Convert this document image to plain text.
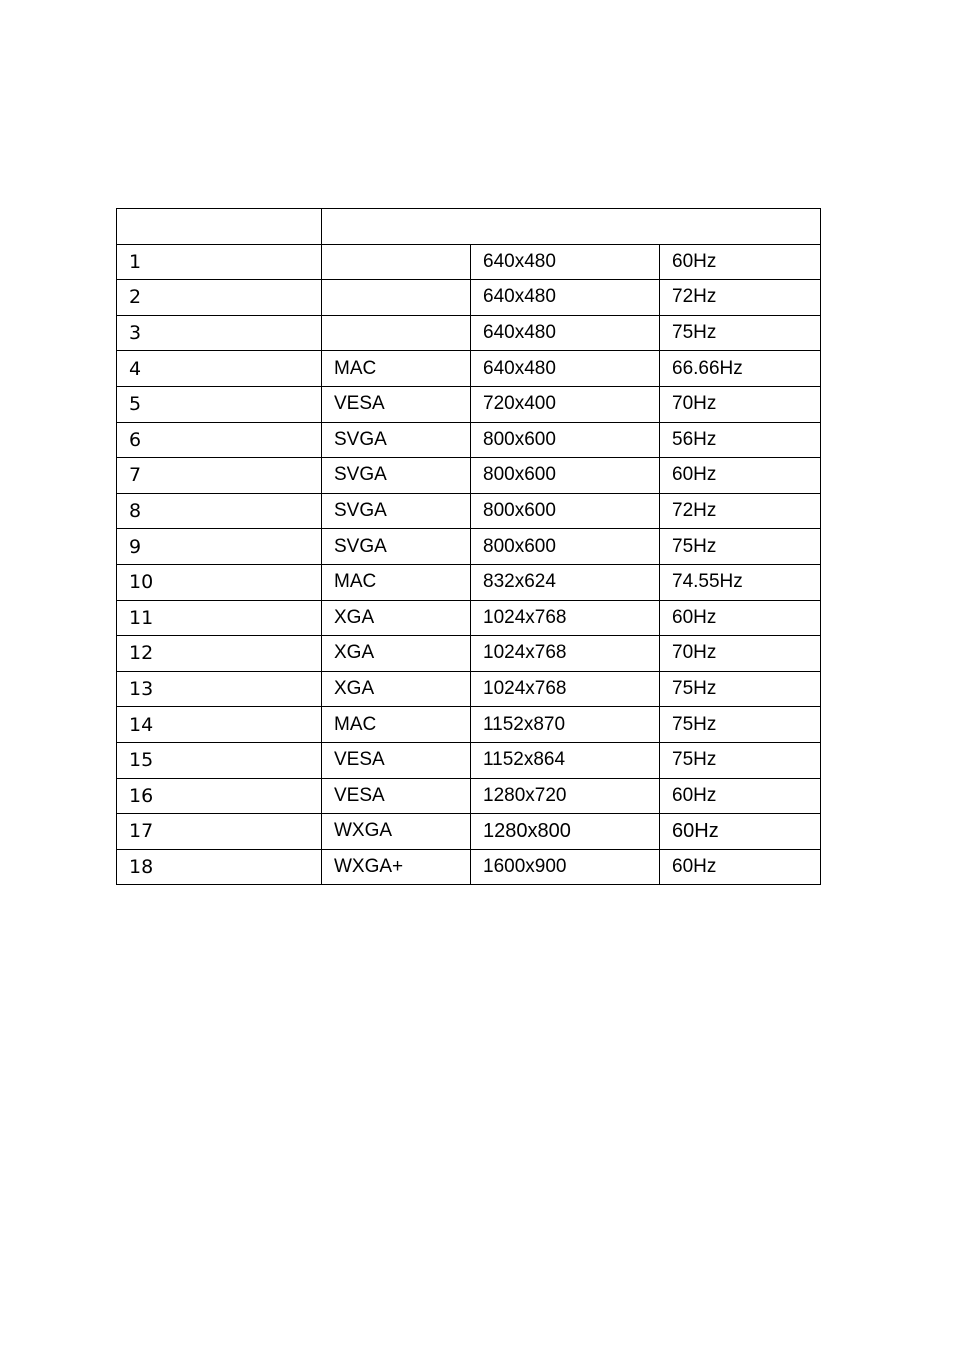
1		640x480	60Hz
2		640x480	72Hz
3		640x480	75Hz
4	MAC	640x480	66.66Hz
5	VESA	720x400	70Hz
6	SVGA	800x600	56Hz
7	SVGA	800x600	60Hz
8	SVGA	800x600	72Hz
9	SVGA	800x600	75Hz
10	MAC	832x624	74.55Hz
11	XGA	1024x768	60Hz
12	XGA	1024x768	70Hz
13	XGA	1024x768	75Hz
14	MAC	1152x870	75Hz
15	VESA	1152x864	75Hz
16	VESA	1280x720	60Hz
17	WXGA	1280x800	60Hz
18	WXGA+	1600x900	60Hz
